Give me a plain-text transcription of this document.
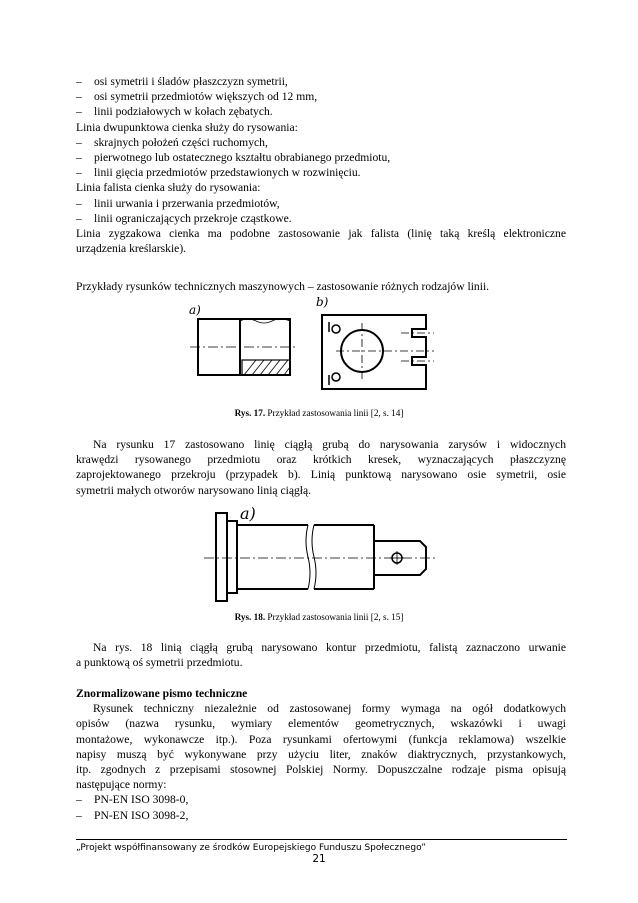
– osi symetrii i śladów płaszczyzn symetrii,
– osi symetrii przedmiotów większych od 12 mm,
– linii podziałowych w kołach zębatych.
Linia dwupunktowa cienka służy do rysowania:
– skrajnych położeń części ruchomych,
– pierwotnego lub ostatecznego kształtu obrabianego przedmiotu,
– linii gięcia przedmiotów przedstawionych w rozwinięciu.
Linia falista cienka służy do rysowania:
– linii urwania i przerwania przedmiotów,
– linii ograniczających przekroje cząstkowe.
Linia zygzakowa cienka ma podobne zastosowanie jak falista (linię taką kreślą elektroniczne
urządzenia kreślarskie).
Przykłady rysunków technicznych maszynowych – zastosowanie różnych rodzajów linii.
a)
b)
Rys. 17. Przykład zastosowania linii [2, s. 14]
Na rysunku 17 zastosowano linię ciągłą grubą do narysowania zarysów i widocznych
krawędzi rysowanego przedmiotu oraz krótkich kresek, wyznaczających płaszczyznę
zaprojektowanego przekroju (przypadek b). Linią punktową narysowano osie symetrii, osie
symetrii małych otworów narysowano linią ciągłą.
a)
Rys. 18. Przykład zastosowania linii [2, s. 15]
Na rys. 18 linią ciągłą grubą narysowano kontur przedmiotu, falistą zaznaczono urwanie
a punktową oś symetrii przedmiotu.
Znormalizowane pismo techniczne
Rysunek techniczny niezależnie od zastosowanej formy wymaga na ogół dodatkowych
opisów (nazwa rysunku, wymiary elementów geometrycznych, wskazówki i uwagi
montażowe, wykonawcze itp.). Poza rysunkami ofertowymi (funkcja reklamowa) wszelkie
napisy muszą być wykonywane przy użyciu liter, znaków diaktrycznych, przystankowych,
itp. zgodnych z przepisami stosownej Polskiej Normy. Dopuszczalne rodzaje pisma opisują
następujące normy:
– PN-EN ISO 3098-0,
– PN-EN ISO 3098-2,
„Projekt współfinansowany ze środków Europejskiego Funduszu Społecznego”
21
